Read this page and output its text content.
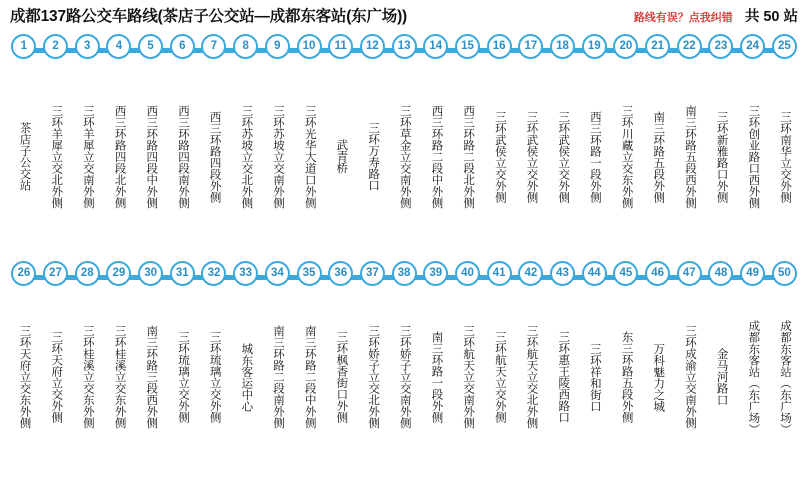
成都137路公交车路线(茶店子公交站—成都东客站(东广场))	路线有误？点我纠错 共 50 站
1
茶店子公交站
2
三环羊犀立交北外侧
3
三环羊犀立交南外侧
4
西三环路四段北外侧
5
西三环路四段中外侧
6
西三环路四段南外侧
7
西三环路四段外侧
8
三环苏坡立交北外侧
9
三环苏坡立交南外侧
10
三环光华大道口外侧
11
武青桥
12
三环万寿路口
13
三环草金立交南外侧
14
西三环路二段中外侧
15
西三环路二段北外侧
16
三环武侯立交外侧
17
三环武侯立交外侧
18
三环武侯立交外侧
19
西三环路一段外侧
20
三环川藏立交东外侧
21
南三环路五段外侧
22
南三环路五段西外侧
23
三环新雅路口外侧
24
三环创业路口西外侧
25
三环南华立交外侧
26
三环天府立交东外侧
27
三环天府立交外侧
28
三环桂溪立交东外侧
29
三环桂溪立交东外侧
30
南三环路三段西外侧
31
三环琉璃立交外侧
32
三环琉璃立交外侧
33
城东客运中心
34
南三环路二段南外侧
35
南三环路二段中外侧
36
三环枫香街口外侧
37
三环娇子立交北外侧
38
三环娇子立交南外侧
39
南三环路一段外侧
40
三环航天立交南外侧
41
三环航天立交外侧
42
三环航天立交北外侧
43
三环惠王陵西路口
44
三环祥和街口
45
东三环路五段外侧
46
万科魅力之城
47
三环成渝立交南外侧
48
金马河路口
49
成都东客站（东广场）
50
成都东客站（东广场）
